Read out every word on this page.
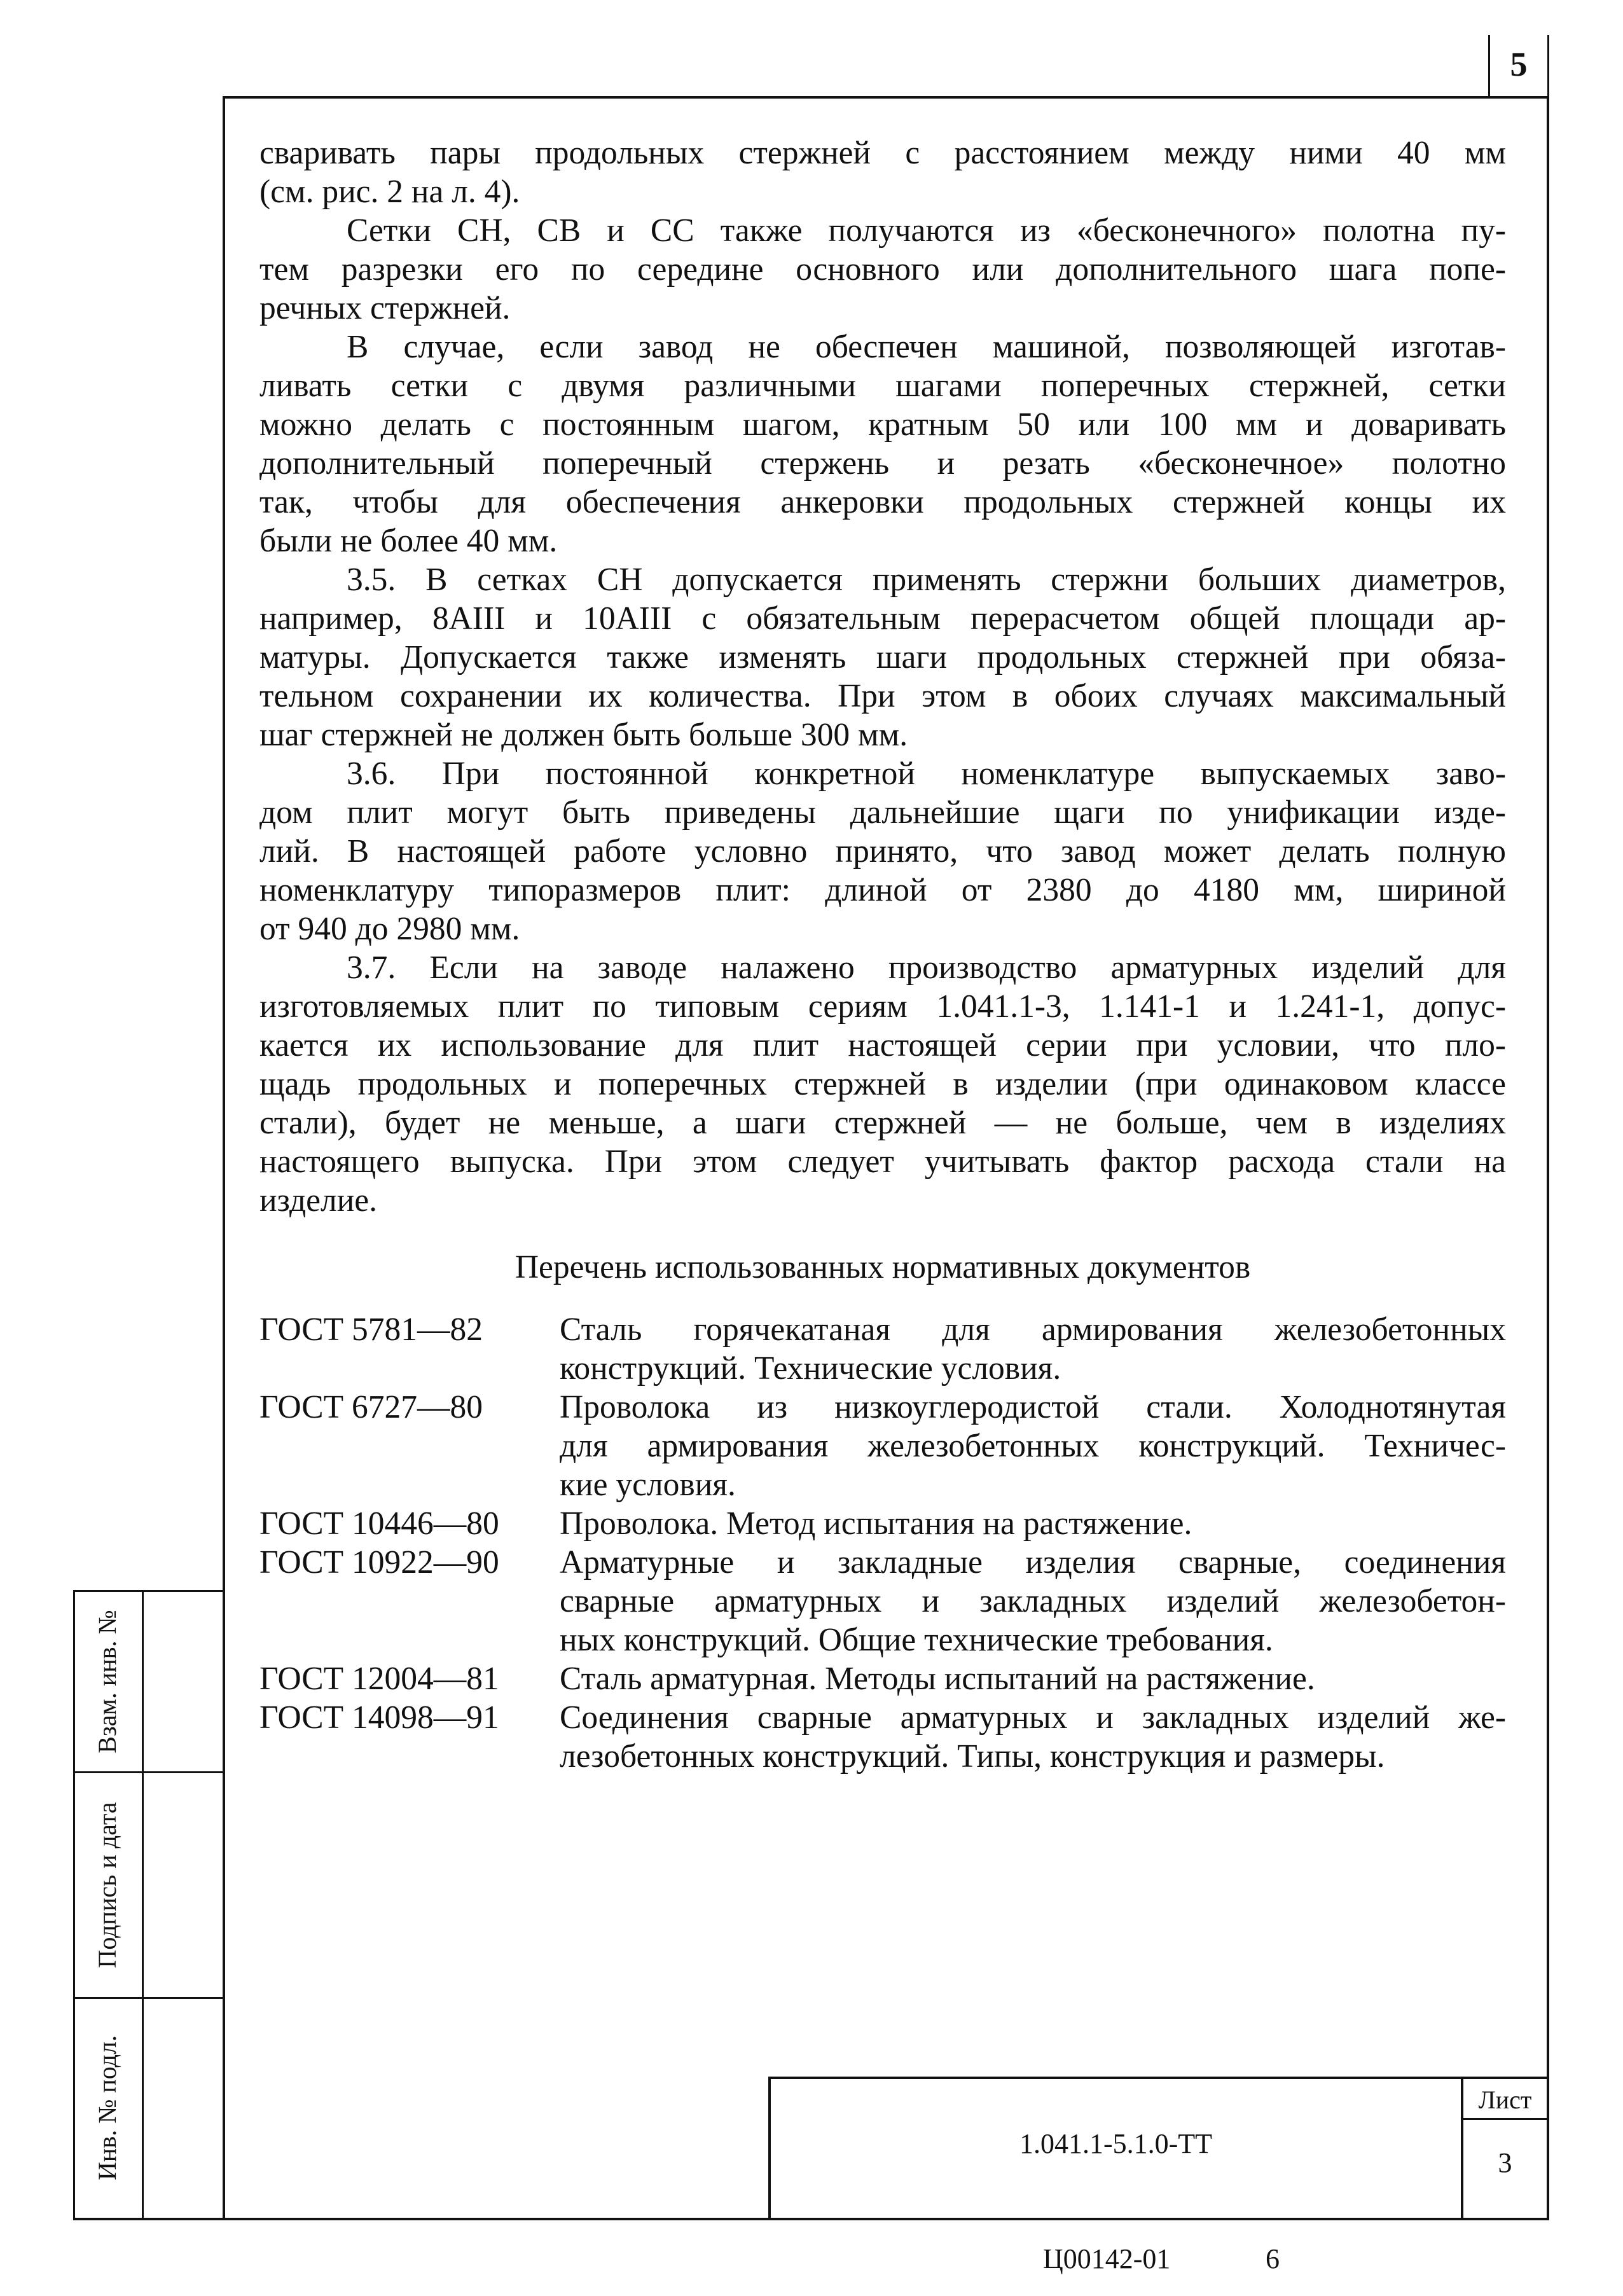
5
Взам. инв. №
Подпись и дата
Инв. № подл.
сваривать пары продольных стержней с расстоянием между ними 40 мм
(см. рис. 2 на л. 4).
Сетки СН, СВ и СС также получаются из «бесконечного» полотна пу-
тем разрезки его по середине основного или дополнительного шага попе-
речных стержней.
В случае, если завод не обеспечен машиной, позволяющей изготав-
ливать сетки с двумя различными шагами поперечных стержней, сетки
можно делать с постоянным шагом, кратным 50 или 100 мм и доваривать
дополнительный поперечный стержень и резать «бесконечное» полотно
так, чтобы для обеспечения анкеровки продольных стержней концы их
были не более 40 мм.
3.5. В сетках СН допускается применять стержни больших диаметров,
например, 8АIII и 10АIII с обязательным перерасчетом общей площади ар-
матуры. Допускается также изменять шаги продольных стержней при обяза-
тельном сохранении их количества. При этом в обоих случаях максимальный
шаг стержней не должен быть больше 300 мм.
3.6. При постоянной конкретной номенклатуре выпускаемых заво-
дом плит могут быть приведены дальнейшие щаги по унификации изде-
лий. В настоящей работе условно принято, что завод может делать полную
номенклатуру типоразмеров плит: длиной от 2380 до 4180 мм, шириной
от 940 до 2980 мм.
3.7. Если на заводе налажено производство арматурных изделий для
изготовляемых плит по типовым сериям 1.041.1-3, 1.141-1 и 1.241-1, допус-
кается их использование для плит настоящей серии при условии, что пло-
щадь продольных и поперечных стержней в изделии (при одинаковом классе
стали), будет не меньше, а шаги стержней — не больше, чем в изделиях
настоящего выпуска. При этом следует учитывать фактор расхода стали на
изделие.
Перечень использованных нормативных документов
ГОСТ 5781—82 Сталь горячекатаная для армирования железобетонных
конструкций. Технические условия.
ГОСТ 6727—80 Проволока из низкоуглеродистой стали. Холоднотянутая
для армирования железобетонных конструкций. Техничес-
кие условия.
ГОСТ 10446—80 Проволока. Метод испытания на растяжение.
ГОСТ 10922—90 Арматурные и закладные изделия сварные, соединения
сварные арматурных и закладных изделий железобетон-
ных конструкций. Общие технические требования.
ГОСТ 12004—81 Сталь арматурная. Методы испытаний на растяжение.
ГОСТ 14098—91 Соединения сварные арматурных и закладных изделий же-
лезобетонных конструкций. Типы, конструкция и размеры.
1.041.1-5.1.0-ТТ
Лист
3
Ц00142-01	6
